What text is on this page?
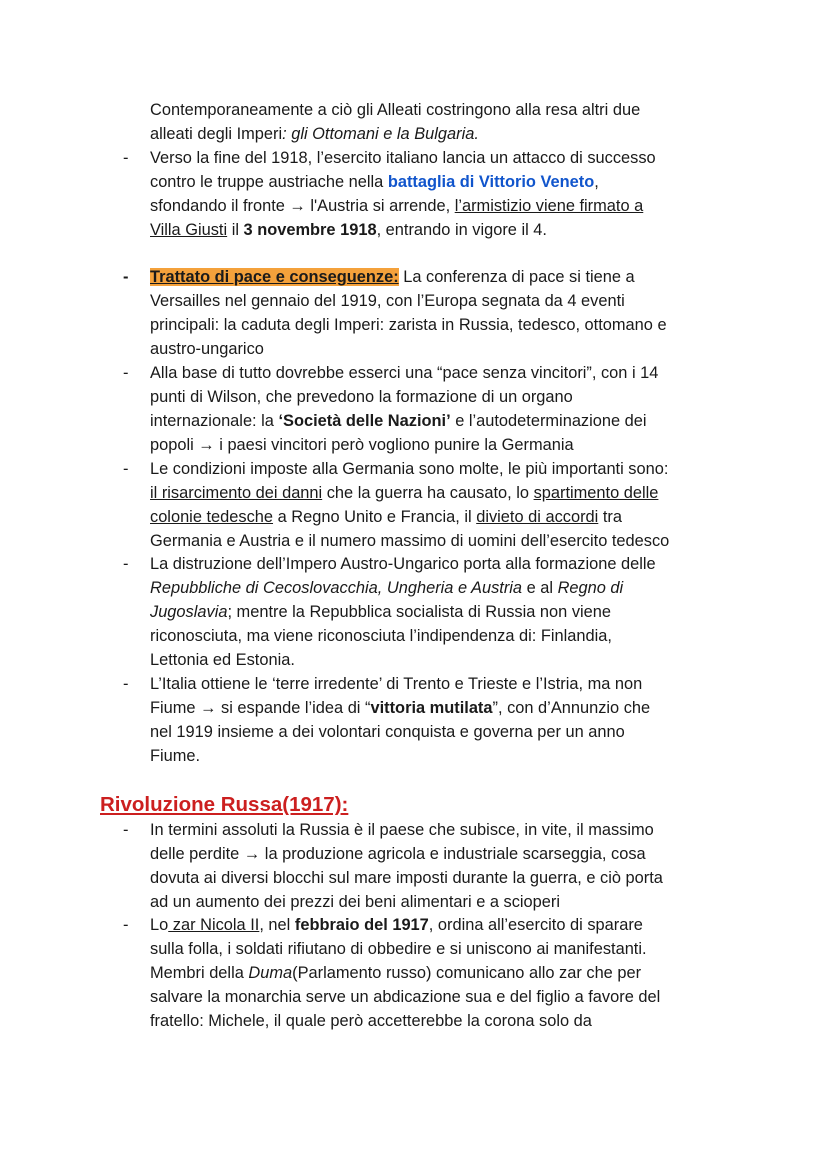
Contemporaneamente a ciò gli Alleati costringono alla resa altri due
alleati degli Imperi: gli Ottomani e la Bulgaria.
- Verso la fine del 1918, l’esercito italiano lancia un attacco di successo
contro le truppe austriache nella battaglia di Vittorio Veneto,
sfondando il fronte → l'Austria si arrende, l’armistizio viene firmato a
Villa Giusti il 3 novembre 1918, entrando in vigore il 4.
- Trattato di pace e conseguenze: La conferenza di pace si tiene a
Versailles nel gennaio del 1919, con l’Europa segnata da 4 eventi
principali: la caduta degli Imperi: zarista in Russia, tedesco, ottomano e
austro-ungarico
- Alla base di tutto dovrebbe esserci una “pace senza vincitori”, con i 14
punti di Wilson, che prevedono la formazione di un organo
internazionale: la ‘Società delle Nazioni’ e l’autodeterminazione dei
popoli → i paesi vincitori però vogliono punire la Germania
- Le condizioni imposte alla Germania sono molte, le più importanti sono:
il risarcimento dei danni che la guerra ha causato, lo spartimento delle
colonie tedesche a Regno Unito e Francia, il divieto di accordi tra
Germania e Austria e il numero massimo di uomini dell’esercito tedesco
- La distruzione dell’Impero Austro-Ungarico porta alla formazione delle
Repubbliche di Cecoslovacchia, Ungheria e Austria e al Regno di
Jugoslavia; mentre la Repubblica socialista di Russia non viene
riconosciuta, ma viene riconosciuta l’indipendenza di: Finlandia,
Lettonia ed Estonia.
- L’Italia ottiene le ‘terre irredente’ di Trento e Trieste e l’Istria, ma non
Fiume → si espande l’idea di “vittoria mutilata”, con d’Annunzio che
nel 1919 insieme a dei volontari conquista e governa per un anno
Fiume.
Rivoluzione Russa(1917):
- In termini assoluti la Russia è il paese che subisce, in vite, il massimo
delle perdite → la produzione agricola e industriale scarseggia, cosa
dovuta ai diversi blocchi sul mare imposti durante la guerra, e ciò porta
ad un aumento dei prezzi dei beni alimentari e a scioperi
- Lo zar Nicola II, nel febbraio del 1917, ordina all’esercito di sparare
sulla folla, i soldati rifiutano di obbedire e si uniscono ai manifestanti.
Membri della Duma(Parlamento russo) comunicano allo zar che per
salvare la monarchia serve un abdicazione sua e del figlio a favore del
fratello: Michele, il quale però accetterebbe la corona solo da
